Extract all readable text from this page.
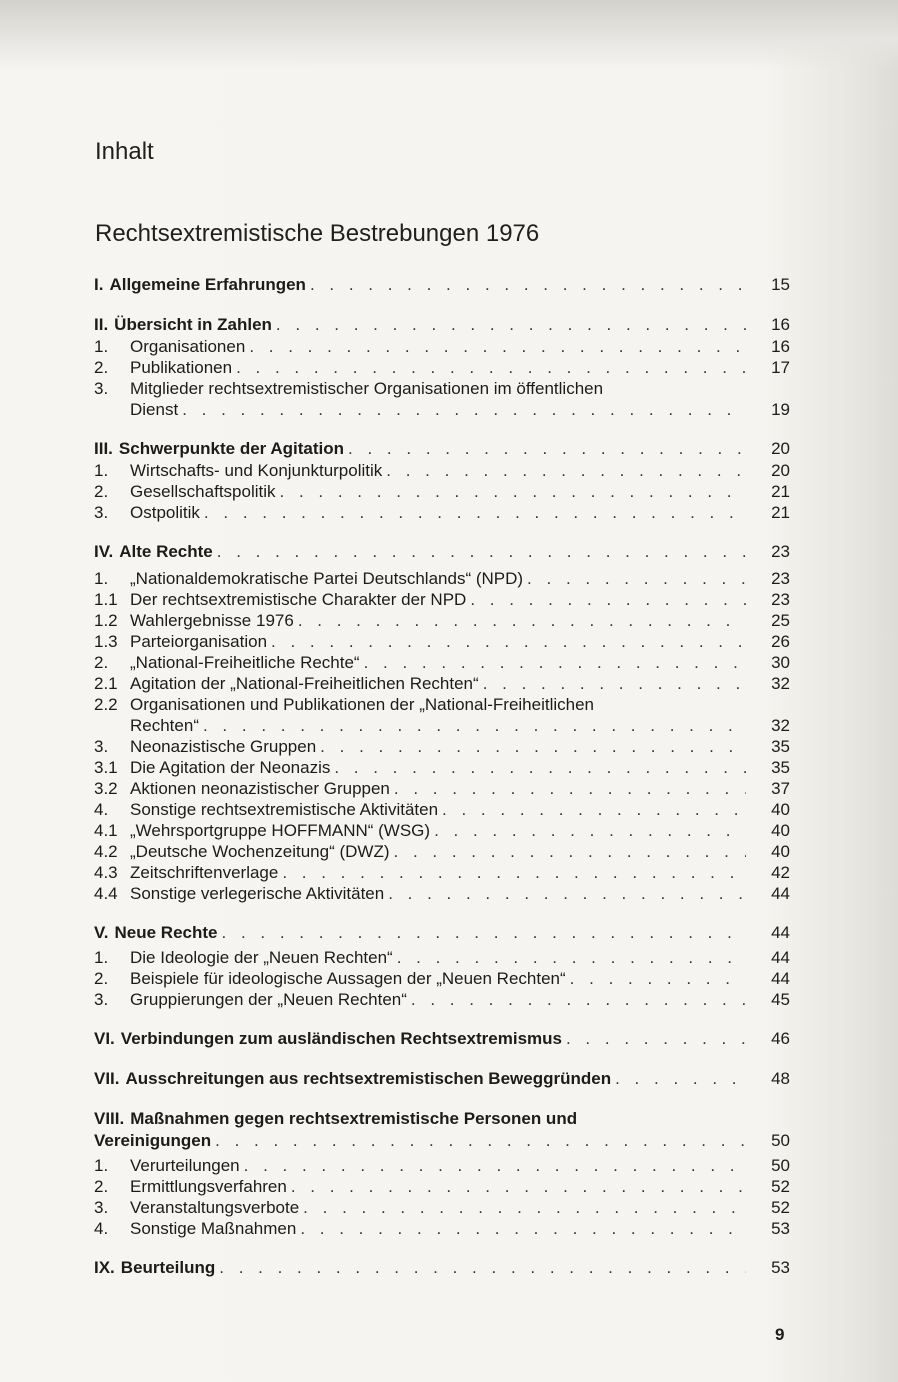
Inhalt
Rechtsextremistische Bestrebungen 1976
I. Allgemeine Erfahrungen . . .	15
II. Übersicht in Zahlen . . .	16
1.	Organisationen . . .	16
2.	Publikationen . . .	17
3.	Mitglieder rechtsextremistischer Organisationen im öffentlichen
Dienst . . .	19
III. Schwerpunkte der Agitation . . .	20
1.	Wirtschafts- und Konjunkturpolitik . . .	20
2.	Gesellschaftspolitik . . .	21
3.	Ostpolitik . . .	21
IV. Alte Rechte . . .	23
1.	„Nationaldemokratische Partei Deutschlands“ (NPD) . . .	23
1.1 Der rechtsextremistische Charakter der NPD . . .	23
1.2 Wahlergebnisse 1976 . . .	25
1.3 Parteiorganisation . . .	26
2.	„National-Freiheitliche Rechte“ . . .	30
2.1 Agitation der „National-Freiheitlichen Rechten“ . . .	32
2.2 Organisationen und Publikationen der „National-Freiheitlichen
Rechten“ . . .	32
3.	Neonazistische Gruppen . . .	35
3.1 Die Agitation der Neonazis . . .	35
3.2 Aktionen neonazistischer Gruppen . . .	37
4.	Sonstige rechtsextremistische Aktivitäten . . .	40
4.1 „Wehrsportgruppe HOFFMANN“ (WSG) . . .	40
4.2 „Deutsche Wochenzeitung“ (DWZ) . . .	40
4.3 Zeitschriftenverlage . . .	42
4.4 Sonstige verlegerische Aktivitäten . . .	44
V. Neue Rechte . . .	44
1.	Die Ideologie der „Neuen Rechten“ . . .	44
2.	Beispiele für ideologische Aussagen der „Neuen Rechten“ . . .	44
3.	Gruppierungen der „Neuen Rechten“ . . .	45
VI. Verbindungen zum ausländischen Rechtsextremismus . . .	46
VII. Ausschreitungen aus rechtsextremistischen Beweggründen . . .	48
VIII. Maßnahmen gegen rechtsextremistische Personen und
Vereinigungen . . .	50
1.	Verurteilungen . . .	50
2.	Ermittlungsverfahren . . .	52
3.	Veranstaltungsverbote . . .	52
4.	Sonstige Maßnahmen . . .	53
IX. Beurteilung . . .	53
9
